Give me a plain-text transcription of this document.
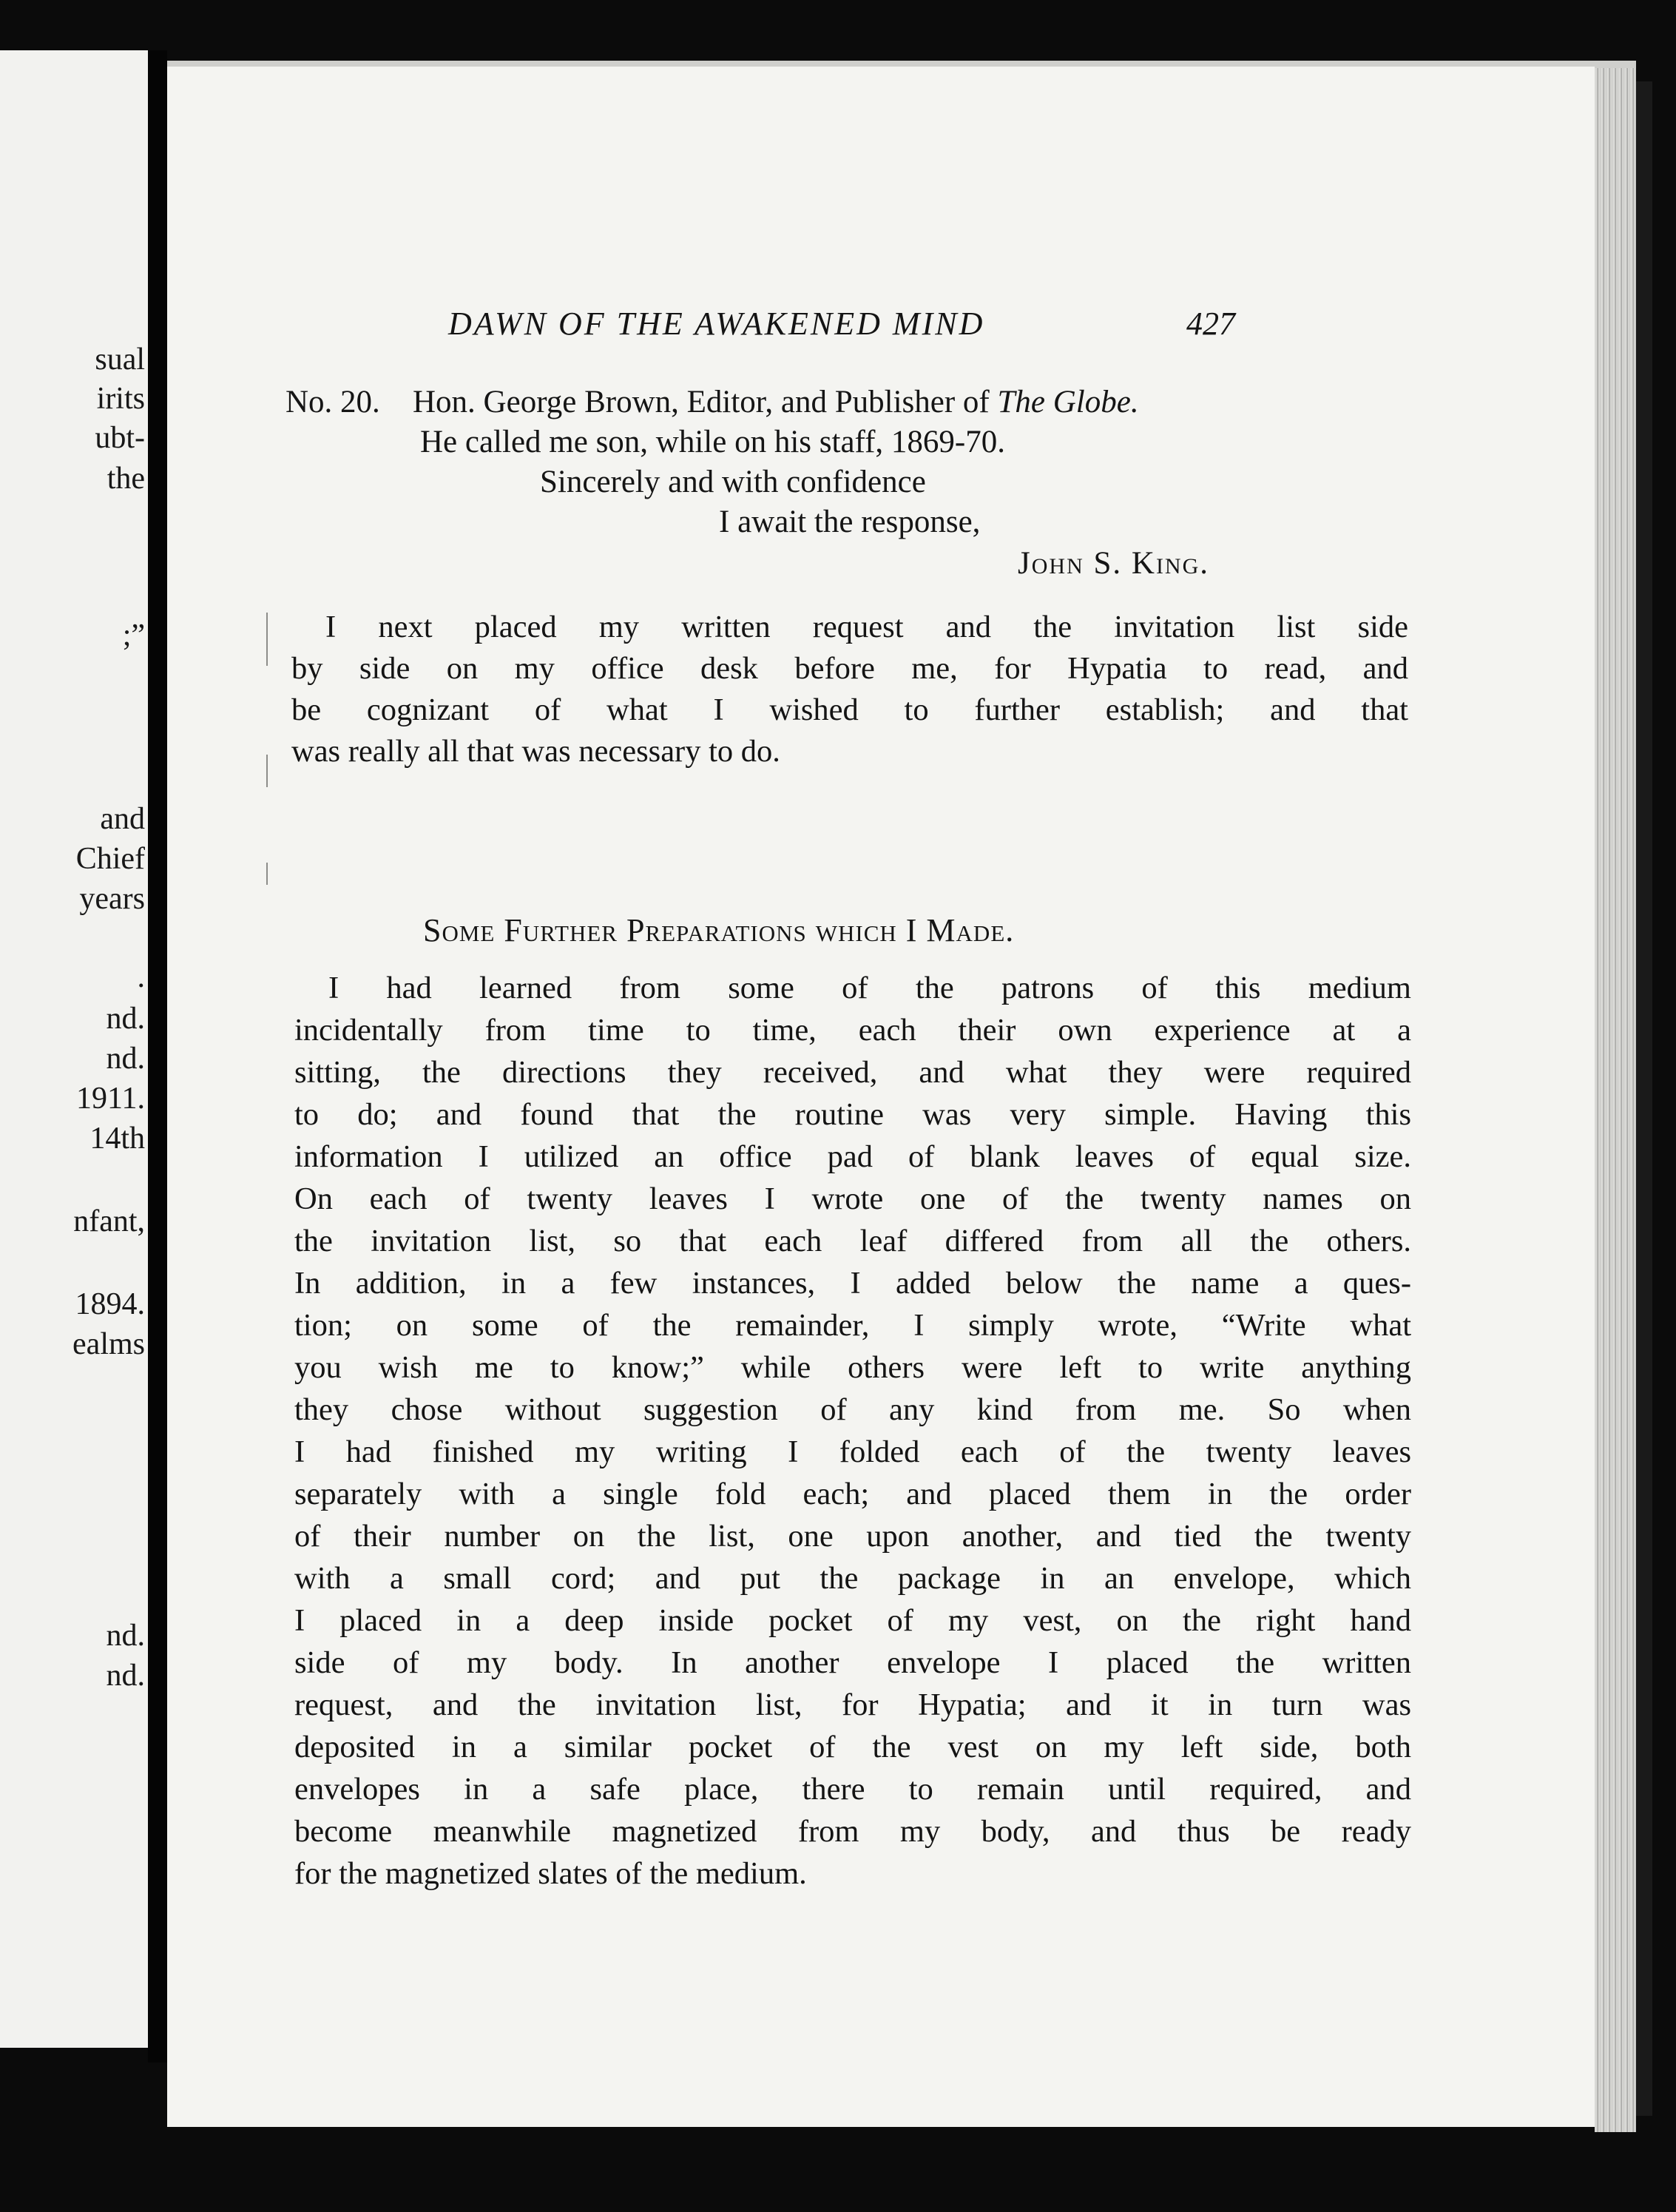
sual
irits
ubt-
the
;”
and
Chief
years
.
nd.
nd.
1911.
14th
nfant,
1894.
ealms
nd.
nd.
DAWN OF THE AWAKENED MIND	427
No. 20. Hon. George Brown, Editor, and Publisher of The Globe.
He called me son, while on his staff, 1869-70.
Sincerely and with confidence
I await the response,
John S. King.
I next placed my written request and the invitation list side
by side on my office desk before me, for Hypatia to read, and
be cognizant of what I wished to further establish; and that
was really all that was necessary to do.
Some Further Preparations which I Made.
I had learned from some of the patrons of this medium
incidentally from time to time, each their own experience at a
sitting, the directions they received, and what they were required
to do; and found that the routine was very simple. Having this
information I utilized an office pad of blank leaves of equal size.
On each of twenty leaves I wrote one of the twenty names on
the invitation list, so that each leaf differed from all the others.
In addition, in a few instances, I added below the name a ques-
tion; on some of the remainder, I simply wrote, “Write what
you wish me to know;” while others were left to write anything
they chose without suggestion of any kind from me. So when
I had finished my writing I folded each of the twenty leaves
separately with a single fold each; and placed them in the order
of their number on the list, one upon another, and tied the twenty
with a small cord; and put the package in an envelope, which
I placed in a deep inside pocket of my vest, on the right hand
side of my body. In another envelope I placed the written
request, and the invitation list, for Hypatia; and it in turn was
deposited in a similar pocket of the vest on my left side, both
envelopes in a safe place, there to remain until required, and
become meanwhile magnetized from my body, and thus be ready
for the magnetized slates of the medium.
